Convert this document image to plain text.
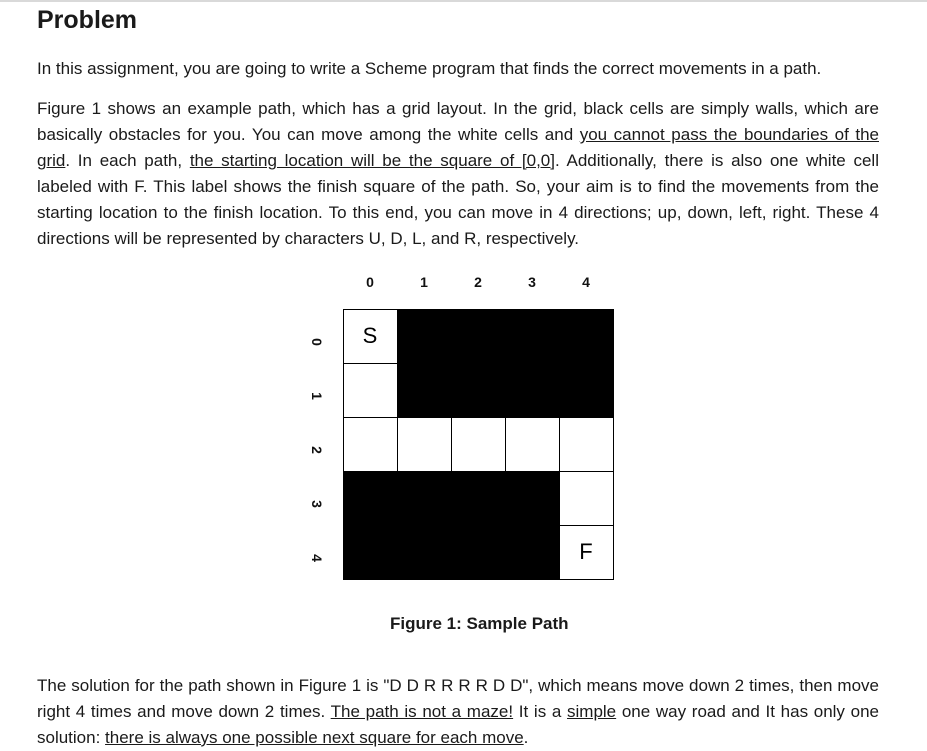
Problem
In this assignment, you are going to write a Scheme program that finds the correct movements in a path.
Figure 1 shows an example path, which has a grid layout. In the grid, black cells are simply walls, which are basically obstacles for you. You can move among the white cells and you cannot pass the boundaries of the grid. In each path, the starting location will be the square of [0,0]. Additionally, there is also one white cell labeled with F. This label shows the finish square of the path. So, your aim is to find the movements from the starting location to the finish location. To this end, you can move in 4 directions; up, down, left, right. These 4 directions will be represented by characters U, D, L, and R, respectively.
0	1	2	3	4
0
1
2
3
4
S
F
Figure 1: Sample Path
The solution for the path shown in Figure 1 is "D D R R R R D D", which means move down 2 times, then move right 4 times and move down 2 times. The path is not a maze! It is a simple one way road and It has only one solution: there is always one possible next square for each move.
